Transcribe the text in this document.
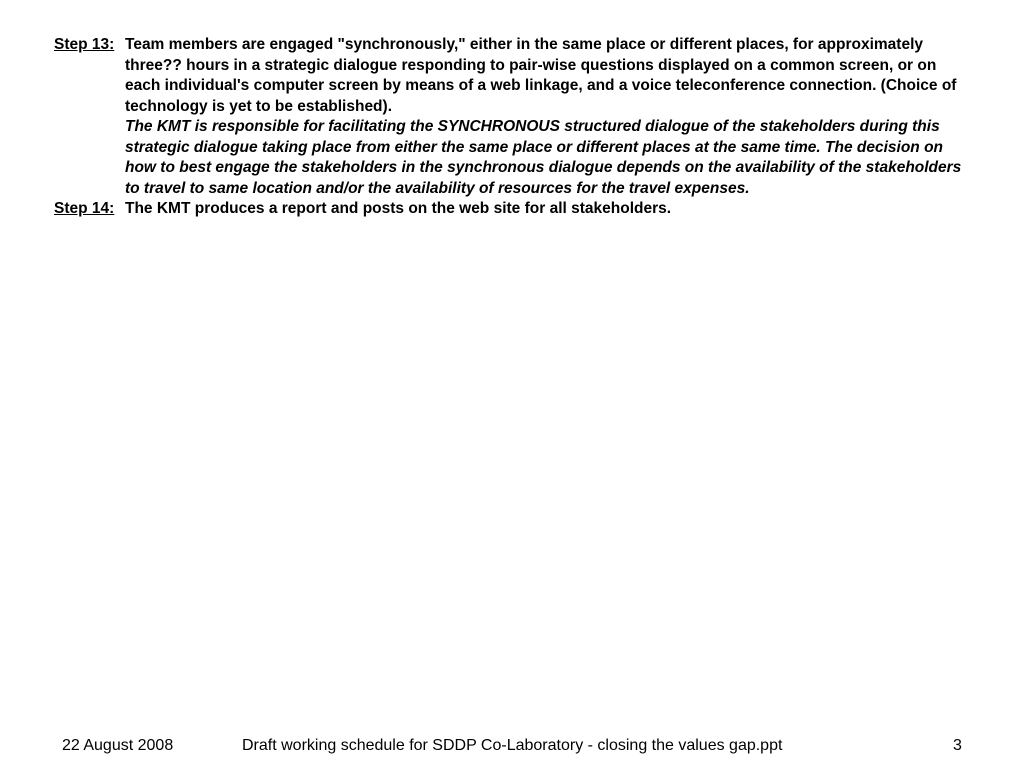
Step 13: Team members are engaged "synchronously," either in the same place or different places, for approximately three?? hours in a strategic dialogue responding to pair-wise questions displayed on a common screen, or on each individual's computer screen by means of a web linkage, and a voice teleconference connection. (Choice of technology is yet to be established).

The KMT is responsible for facilitating the SYNCHRONOUS structured dialogue of the stakeholders during this strategic dialogue taking place from either the same place or different places at the same time. The decision on how to best engage the stakeholders in the synchronous dialogue depends on the availability of the stakeholders to travel to same location and/or the availability of resources for the travel expenses.

Step 14: The KMT produces a report and posts on the web site for all stakeholders.

22 August 2008	Draft working schedule for SDDP Co-Laboratory - closing the values gap.ppt	3
